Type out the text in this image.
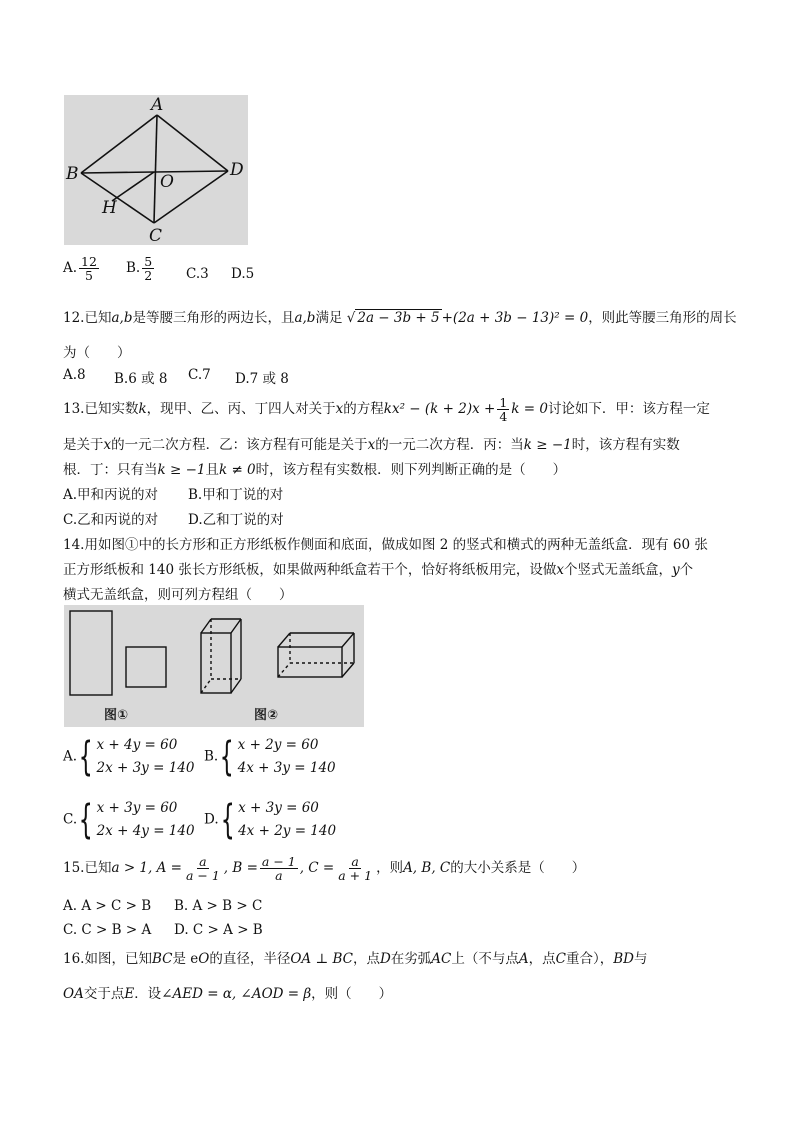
A
B	D
O
H
C
A. $\frac{12}{5} B$. $\frac{5}{2} C.3$ D.5
12.已知a,b是等腰三角形的两边长，且a,b满足 √ 2a − 3b + 5 +(2a + 3b − 13)² = 0，则此等腰三角形的周长
为（　　）
A.8 B.6 或 8 C.7 D.7 或 8
13.已知实数k，现甲、乙、丙、丁四人对关于x的方程$kx^2 - (k + 2)x + \frac{1}{4}$ k = 0讨论如下．甲：该方程一定
是关于x的一元二次方程．乙：该方程有可能是关于x的一元二次方程．丙：当k ≥ −1时，该方程有实数
根．丁：只有当k ≥ −1且k ≠ 0时，该方程有实数根．则下列判断正确的是（　　）
A.甲和丙说的对 B.甲和丁说的对
C.乙和丙说的对 D.乙和丁说的对
14.用如图①中的长方形和正方形纸板作侧面和底面，做成如图 2 的竖式和横式的两种无盖纸盒．现有 60 张
正方形纸板和 140 张长方形纸板，如果做两种纸盒若干个，恰好将纸板用完，设做x个竖式无盖纸盒，y个
横式无盖纸盒，则可列方程组（　　）
图①	图②
A. { x + 4y = 60
2x + 3y = 140
B. { x + 2y = 60
4x + 3y = 140
C. { x + 3y = 60
2x + 4y = 140
D. { x + 3y = 60
4x + 2y = 140
15.已知a > 1, $A = \frac{a}{a - 1}$ , $B = \frac{a - 1}{a}$ , $C = \frac{a}{a + 1}$ ，则A, B, C的大小关系是（　　）
A. A > C > B B. A > B > C
C. C > B > A D. C > A > B
16.如图，已知BC是 eO的直径，半径OA ⊥ BC，点D在劣弧AC上（不与点A，点C重合），BD与
OA交于点E．设∠AED = α, ∠AOD = β，则（　　）
